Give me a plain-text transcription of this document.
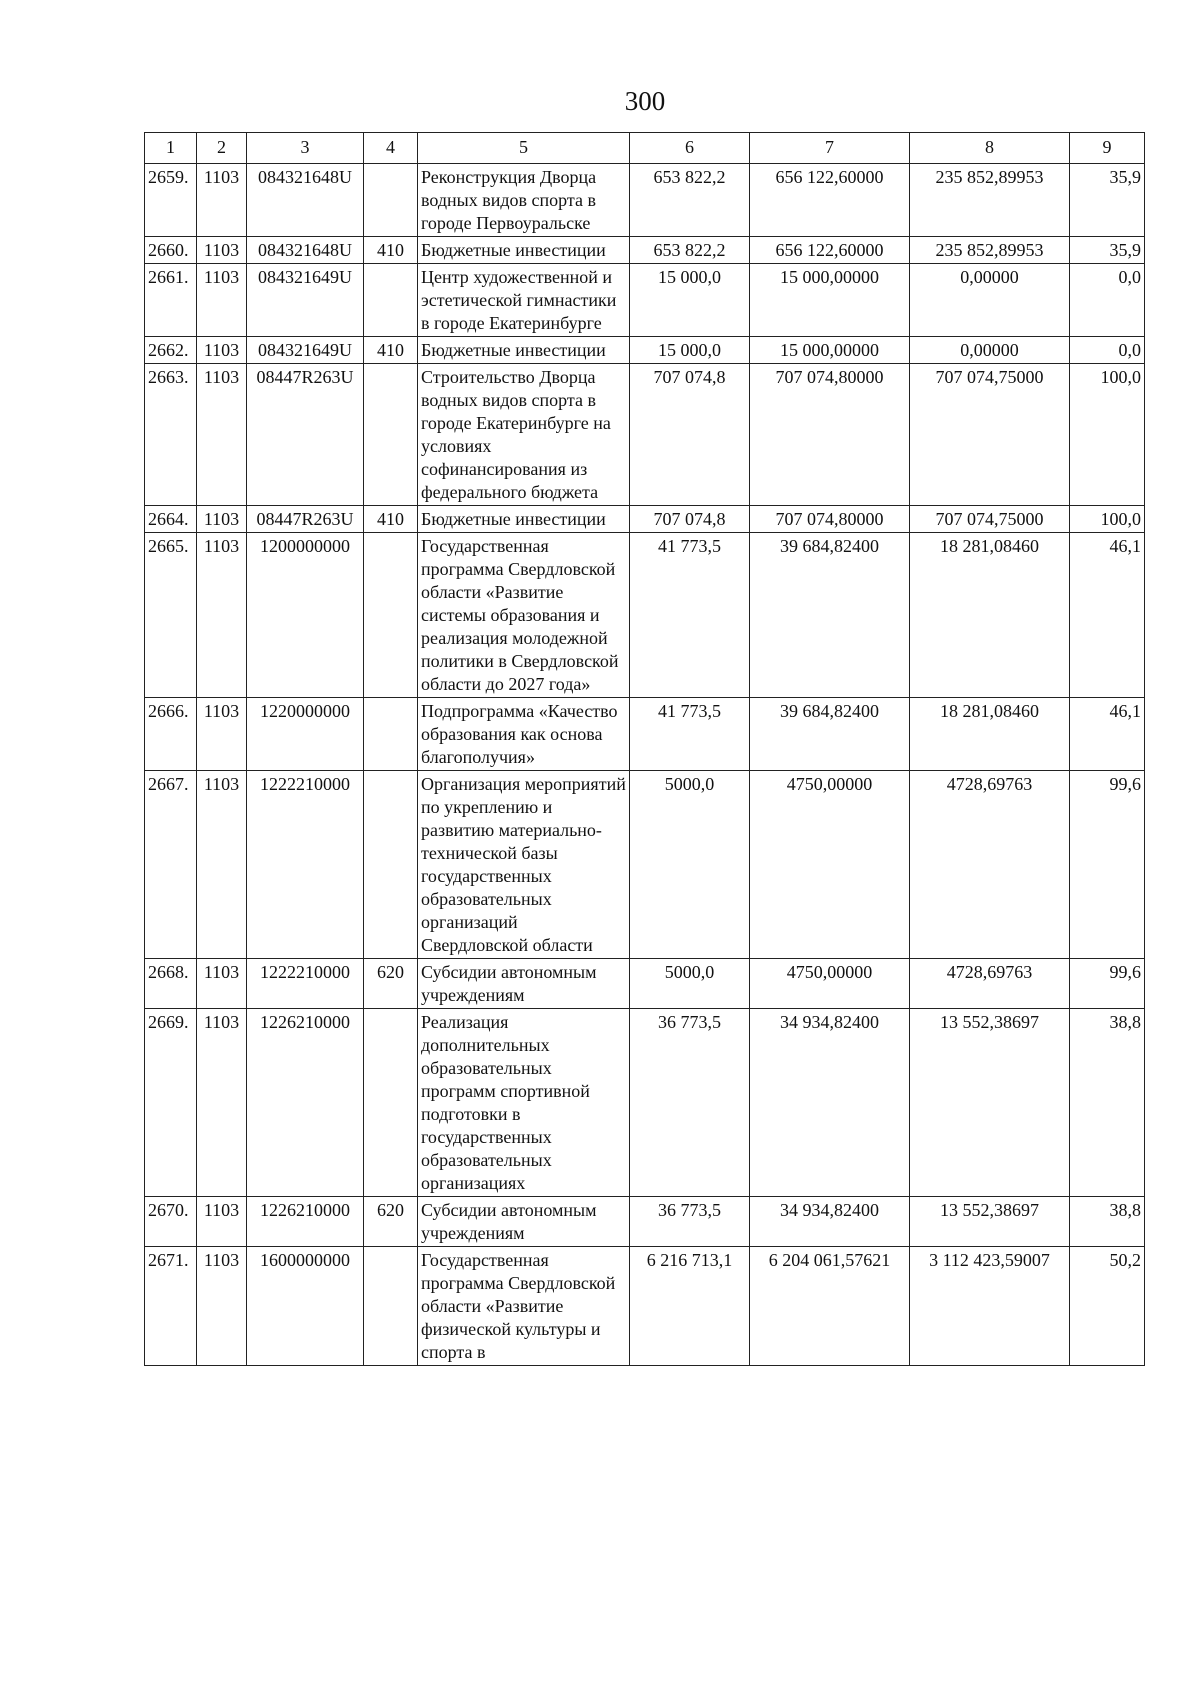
300
1	2	3	4	5	6	7	8	9
2659.	1103	084321648U		Реконструкция Дворца водных видов спорта в городе Первоуральске	653 822,2	656 122,60000	235 852,89953	35,9
2660.	1103	084321648U	410	Бюджетные инвестиции	653 822,2	656 122,60000	235 852,89953	35,9
2661.	1103	084321649U		Центр художественной и эстетической гимнастики в городе Екатеринбурге	15 000,0	15 000,00000	0,00000	0,0
2662.	1103	084321649U	410	Бюджетные инвестиции	15 000,0	15 000,00000	0,00000	0,0
2663.	1103	08447R263U		Строительство Дворца водных видов спорта в городе Екатеринбурге на условиях софинансирования из федерального бюджета	707 074,8	707 074,80000	707 074,75000	100,0
2664.	1103	08447R263U	410	Бюджетные инвестиции	707 074,8	707 074,80000	707 074,75000	100,0
2665.	1103	1200000000		Государственная программа Свердловской области «Развитие системы образования и реализация молодежной политики в Свердловской области до 2027 года»	41 773,5	39 684,82400	18 281,08460	46,1
2666.	1103	1220000000		Подпрограмма «Качество образования как основа благополучия»	41 773,5	39 684,82400	18 281,08460	46,1
2667.	1103	1222210000		Организация мероприятий по укреплению и развитию материально-технической базы государственных образовательных организаций Свердловской области	5000,0	4750,00000	4728,69763	99,6
2668.	1103	1222210000	620	Субсидии автономным учреждениям	5000,0	4750,00000	4728,69763	99,6
2669.	1103	1226210000		Реализация дополнительных образовательных программ спортивной подготовки в государственных образовательных организациях	36 773,5	34 934,82400	13 552,38697	38,8
2670.	1103	1226210000	620	Субсидии автономным учреждениям	36 773,5	34 934,82400	13 552,38697	38,8
2671.	1103	1600000000		Государственная программа Свердловской области «Развитие физической культуры и спорта в	6 216 713,1	6 204 061,57621	3 112 423,59007	50,2
